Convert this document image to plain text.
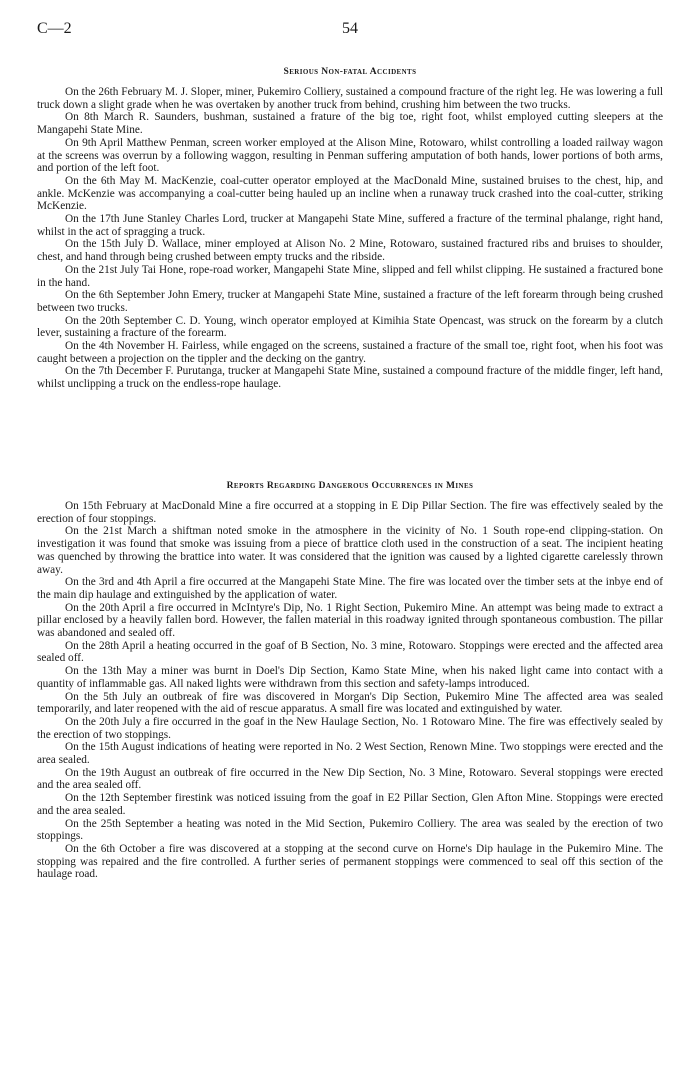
C—2	54
Serious Non-fatal Accidents

On the 26th February M. J. Sloper, miner, Pukemiro Colliery, sustained a compound fracture of the right leg. He was lowering a full truck down a slight grade when he was overtaken by another truck from behind, crushing him between the two trucks.

On 8th March R. Saunders, bushman, sustained a frature of the big toe, right foot, whilst employed cutting sleepers at the Mangapehi State Mine.

On 9th April Matthew Penman, screen worker employed at the Alison Mine, Rotowaro, whilst controlling a loaded railway wagon at the screens was overrun by a following waggon, resulting in Penman suffering amputation of both hands, lower portions of both arms, and portion of the left foot.

On the 6th May M. MacKenzie, coal-cutter operator employed at the MacDonald Mine, sustained bruises to the chest, hip, and ankle. McKenzie was accompanying a coal-cutter being hauled up an incline when a runaway truck crashed into the coal-cutter, striking McKenzie.

On the 17th June Stanley Charles Lord, trucker at Mangapehi State Mine, suffered a fracture of the terminal phalange, right hand, whilst in the act of spragging a truck.

On the 15th July D. Wallace, miner employed at Alison No. 2 Mine, Rotowaro, sustained fractured ribs and bruises to shoulder, chest, and hand through being crushed between empty trucks and the ribside.

On the 21st July Tai Hone, rope-road worker, Mangapehi State Mine, slipped and fell whilst clipping. He sustained a fractured bone in the hand.

On the 6th September John Emery, trucker at Mangapehi State Mine, sustained a fracture of the left forearm through being crushed between two trucks.

On the 20th September C. D. Young, winch operator employed at Kimihia State Opencast, was struck on the forearm by a clutch lever, sustaining a fracture of the forearm.

On the 4th November H. Fairless, while engaged on the screens, sustained a fracture of the small toe, right foot, when his foot was caught between a projection on the tippler and the decking on the gantry.

On the 7th December F. Purutanga, trucker at Mangapehi State Mine, sustained a compound fracture of the middle finger, left hand, whilst unclipping a truck on the endless-rope haulage.

Reports Regarding Dangerous Occurrences in Mines

On 15th February at MacDonald Mine a fire occurred at a stopping in E Dip Pillar Section. The fire was effectively sealed by the erection of four stoppings.

On the 21st March a shiftman noted smoke in the atmosphere in the vicinity of No. 1 South rope-end clipping-station. On investigation it was found that smoke was issuing from a piece of brattice cloth used in the construction of a seat. The incipient heating was quenched by throwing the brattice into water. It was considered that the ignition was caused by a lighted cigarette carelessly thrown away.

On the 3rd and 4th April a fire occurred at the Mangapehi State Mine. The fire was located over the timber sets at the inbye end of the main dip haulage and extinguished by the application of water.

On the 20th April a fire occurred in McIntyre's Dip, No. 1 Right Section, Pukemiro Mine. An attempt was being made to extract a pillar enclosed by a heavily fallen bord. However, the fallen material in this roadway ignited through spontaneous combustion. The pillar was abandoned and sealed off.

On the 28th April a heating occurred in the goaf of B Section, No. 3 mine, Rotowaro. Stoppings were erected and the affected area sealed off.

On the 13th May a miner was burnt in Doel's Dip Section, Kamo State Mine, when his naked light came into contact with a quantity of inflammable gas. All naked lights were withdrawn from this section and safety-lamps introduced.

On the 5th July an outbreak of fire was discovered in Morgan's Dip Section, Pukemiro Mine The affected area was sealed temporarily, and later reopened with the aid of rescue apparatus. A small fire was located and extinguished by water.

On the 20th July a fire occurred in the goaf in the New Haulage Section, No. 1 Rotowaro Mine. The fire was effectively sealed by the erection of two stoppings.

On the 15th August indications of heating were reported in No. 2 West Section, Renown Mine. Two stoppings were erected and the area sealed.

On the 19th August an outbreak of fire occurred in the New Dip Section, No. 3 Mine, Rotowaro. Several stoppings were erected and the area sealed off.

On the 12th September firestink was noticed issuing from the goaf in E2 Pillar Section, Glen Afton Mine. Stoppings were erected and the area sealed.

On the 25th September a heating was noted in the Mid Section, Pukemiro Colliery. The area was sealed by the erection of two stoppings.

On the 6th October a fire was discovered at a stopping at the second curve on Horne's Dip haulage in the Pukemiro Mine. The stopping was repaired and the fire controlled. A further series of permanent stoppings were commenced to seal off this section of the haulage road.
